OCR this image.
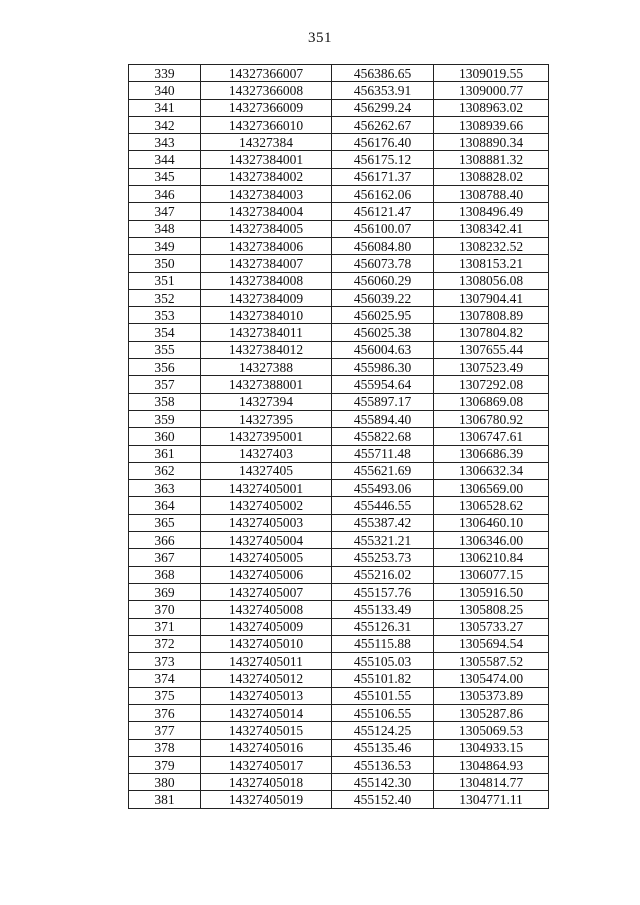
351
339	14327366007	456386.65	1309019.55
340	14327366008	456353.91	1309000.77
341	14327366009	456299.24	1308963.02
342	14327366010	456262.67	1308939.66
343	14327384	456176.40	1308890.34
344	14327384001	456175.12	1308881.32
345	14327384002	456171.37	1308828.02
346	14327384003	456162.06	1308788.40
347	14327384004	456121.47	1308496.49
348	14327384005	456100.07	1308342.41
349	14327384006	456084.80	1308232.52
350	14327384007	456073.78	1308153.21
351	14327384008	456060.29	1308056.08
352	14327384009	456039.22	1307904.41
353	14327384010	456025.95	1307808.89
354	14327384011	456025.38	1307804.82
355	14327384012	456004.63	1307655.44
356	14327388	455986.30	1307523.49
357	14327388001	455954.64	1307292.08
358	14327394	455897.17	1306869.08
359	14327395	455894.40	1306780.92
360	14327395001	455822.68	1306747.61
361	14327403	455711.48	1306686.39
362	14327405	455621.69	1306632.34
363	14327405001	455493.06	1306569.00
364	14327405002	455446.55	1306528.62
365	14327405003	455387.42	1306460.10
366	14327405004	455321.21	1306346.00
367	14327405005	455253.73	1306210.84
368	14327405006	455216.02	1306077.15
369	14327405007	455157.76	1305916.50
370	14327405008	455133.49	1305808.25
371	14327405009	455126.31	1305733.27
372	14327405010	455115.88	1305694.54
373	14327405011	455105.03	1305587.52
374	14327405012	455101.82	1305474.00
375	14327405013	455101.55	1305373.89
376	14327405014	455106.55	1305287.86
377	14327405015	455124.25	1305069.53
378	14327405016	455135.46	1304933.15
379	14327405017	455136.53	1304864.93
380	14327405018	455142.30	1304814.77
381	14327405019	455152.40	1304771.11
